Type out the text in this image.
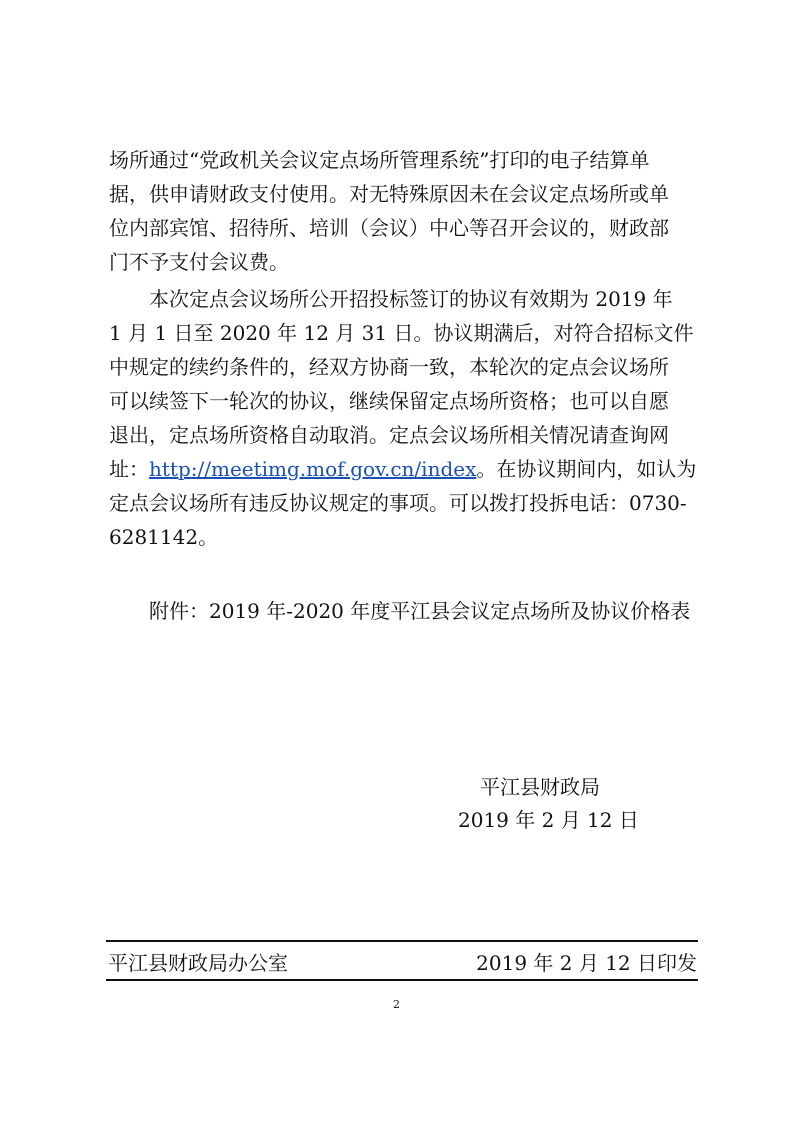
场所通过“党政机关会议定点场所管理系统”打印的电子结算单

据，供申请财政支付使用。对无特殊原因未在会议定点场所或单

位内部宾馆、招待所、培训（会议）中心等召开会议的，财政部

门不予支付会议费。

　　本次定点会议场所公开招投标签订的协议有效期为 2019 年

1 月 1 日至 2020 年 12 月 31 日。协议期满后，对符合招标文件

中规定的续约条件的，经双方协商一致，本轮次的定点会议场所

可以续签下一轮次的协议，继续保留定点场所资格；也可以自愿

退出，定点场所资格自动取消。定点会议场所相关情况请查询网

址：http://meetimg.mof.gov.cn/index。在协议期间内，如认为

定点会议场所有违反协议规定的事项。可以拨打投拆电话：0730-

6281142。

　　附件：2019 年-2020 年度平江县会议定点场所及协议价格表

平江县财政局

2019 年 2 月 12 日

平江县财政局办公室	2019 年 2 月 12 日印发
2
